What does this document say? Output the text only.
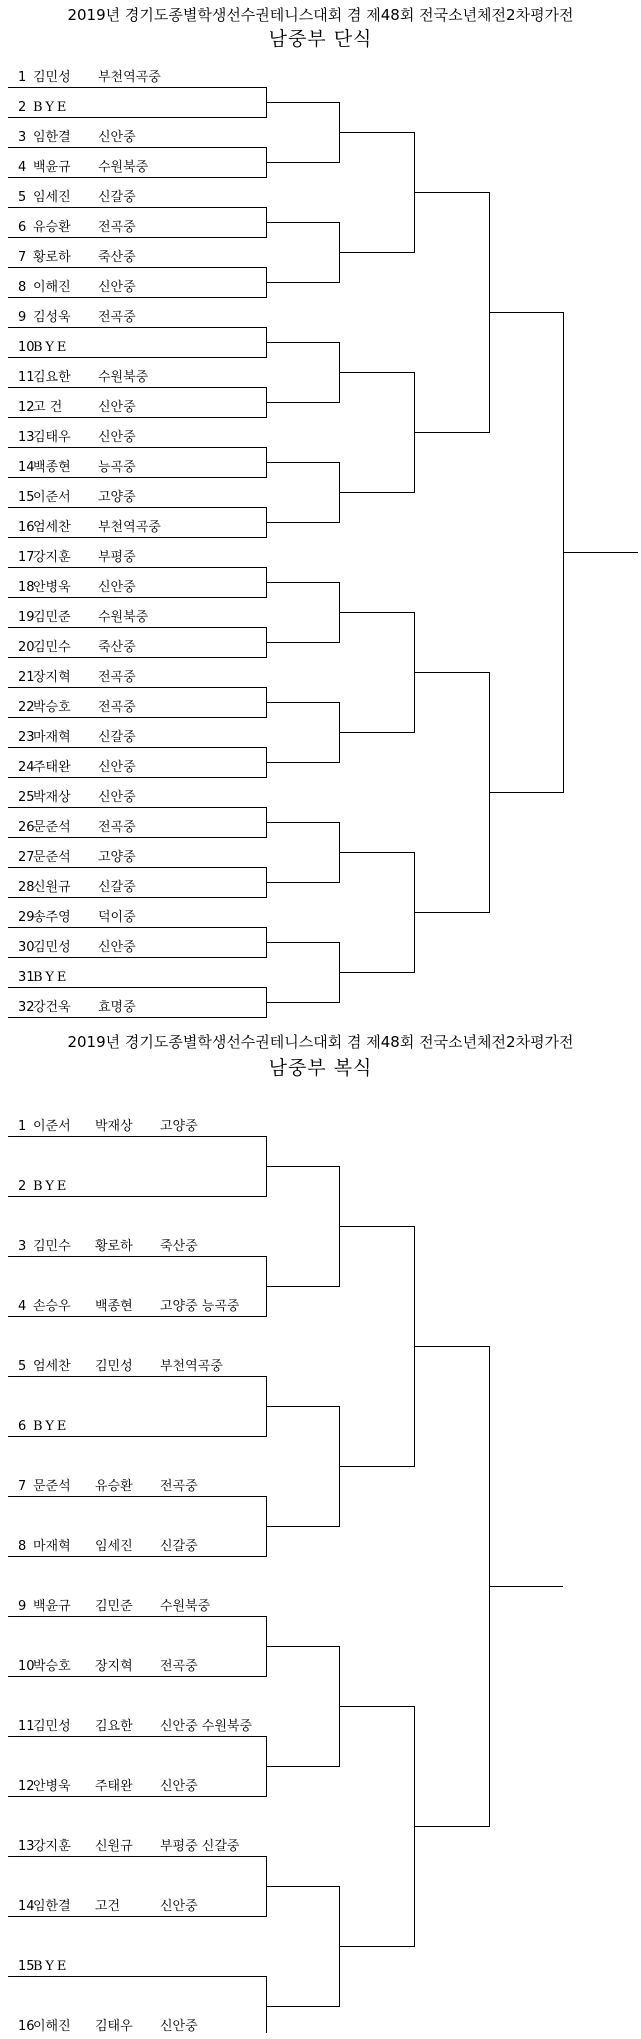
2019년 경기도종별학생선수권테니스대회 겸 제48회 전국소년체전2차평가전
남중부 단식
1 김민성 부천역곡중
2 BYE
3 임한결 신안중
4 백윤규 수원북중
5 임세진 신갈중
6 유승환 전곡중
7 황로하 죽산중
8 이해진 신안중
9 김성욱 전곡중
10
BYE
11
김요한 수원북중
12
고 건	신안중
13
김태우 신안중
14
백종현 능곡중
15
이준서 고양중
16
엄세찬 부천역곡중
17
강지훈 부평중
18
안병욱 신안중
19
김민준 수원북중
20
김민수 죽산중
21
장지혁 전곡중
22
박승호 전곡중
23
마재혁 신갈중
24
주태완 신안중
25
박재상 신안중
26
문준석 전곡중
27
문준석 고양중
28
신원규 신갈중
29
송주영 덕이중
30
김민성 신안중
31
BYE
32
강건욱 효명중
2019년 경기도종별학생선수권테니스대회 겸 제48회 전국소년체전2차평가전
남중부 복식
1 이준서 박재상 고양중
2 BYE
3 김민수 황로하 죽산중
4 손승우 백종현 고양중 능곡중
5 엄세찬 김민성 부천역곡중
6 BYE
7 문준석 유승환 전곡중
8 마재혁 임세진 신갈중
9 백윤규 김민준 수원북중
10
박승호 장지혁 전곡중
11
김민성 김요한 신안중 수원북중
12
안병욱 주태완 신안중
13
강지훈 신원규 부평중 신갈중
14
임한결 고건	신안중
15
BYE
16
이해진 김태우 신안중
